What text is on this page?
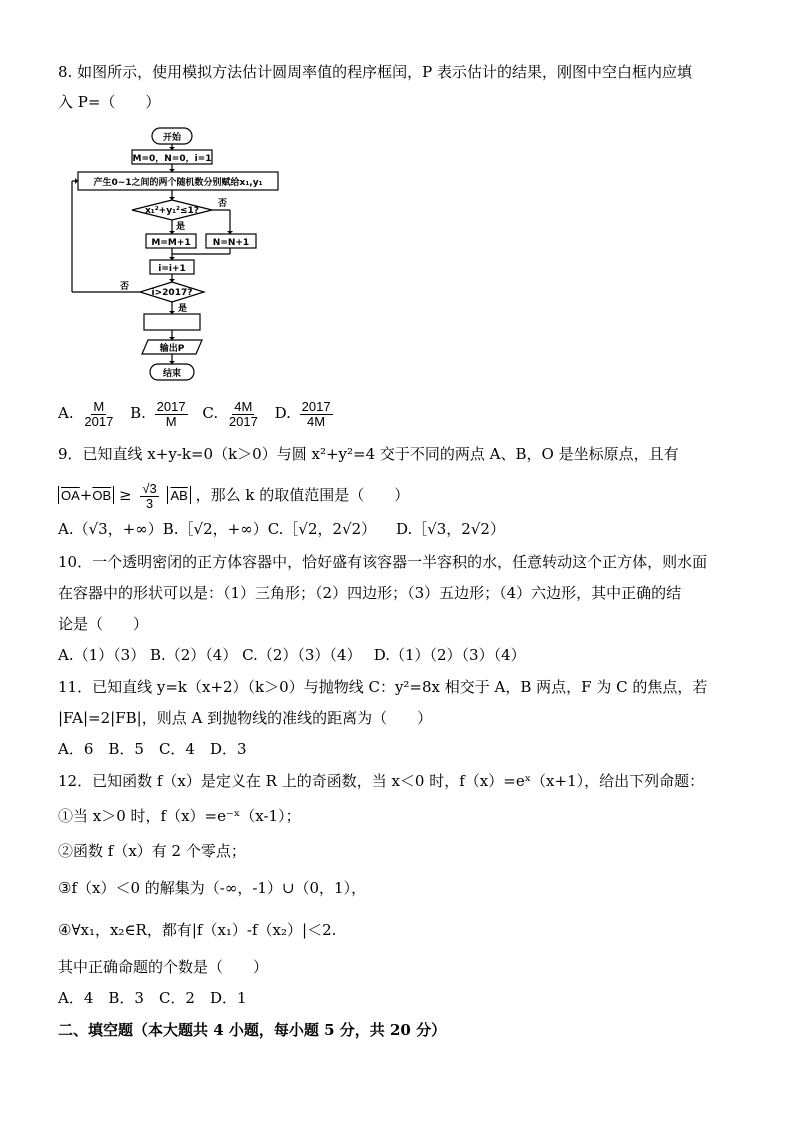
8. 如图所示，使用模拟方法估计圆周率值的程序框闰，P 表示估计的结果，刚图中空白框内应填
入 P=（　　）
开始
M=0，N=0，i=1
产生0~1之间的两个随机数分别赋给x₁,y₁
x₁²+y₁²≤1?
否
是
M=M+1 N=N+1
i=i+1
i>2017?
否
是
输出P
结束
A. $\frac{M}{2017} B$. $\frac{2017}{M} C$. $\frac{4M}{2017} D$. $\frac{2017}{4M}$
9．已知直线 x+y-k=0（k＞0）与圆 x²+y²=4 交于不同的两点 A、B，O 是坐标原点，且有
$\overline{OA}+\overline{OB} \ge \frac{√3}{3} \overline{AB}$ ，那么 k 的取值范围是（　　）
A.（√3，+∞）B.［√2，+∞）C.［√2，2√2） 　D.［√3，2√2）
10．一个透明密闭的正方体容器中，恰好盛有该容器一半容积的水，任意转动这个正方体，则水面
在容器中的形状可以是：（1）三角形；（2）四边形；（3）五边形；（4）六边形，其中正确的结
论是（　　）
A.（1）（3） B.（2）（4） C.（2）（3）（4）　 D.（1）（2）（3）（4）
11．已知直线 y=k（x+2）（k＞0）与抛物线 C：y²=8x 相交于 A，B 两点，F 为 C 的焦点，若
|FA|=2|FB|，则点 A 到抛物线的准线的距离为（　　）
A．6　B．5　C．4　D．3
12．已知函数 f（x）是定义在 R 上的奇函数，当 x＜0 时，f（x）=eˣ（x+1），给出下列命题：
①当 x＞0 时，f（x）=e⁻ˣ（x-1）；
②函数 f（x）有 2 个零点；
③f（x）＜0 的解集为（-∞，-1）∪（0，1），
④∀x₁，x₂∈R，都有|f（x₁）-f（x₂）|＜2.
其中正确命题的个数是（　　）
A．4　B．3　C．2　D．1
二、填空题（本大题共 4 小题，每小题 5 分，共 20 分）
